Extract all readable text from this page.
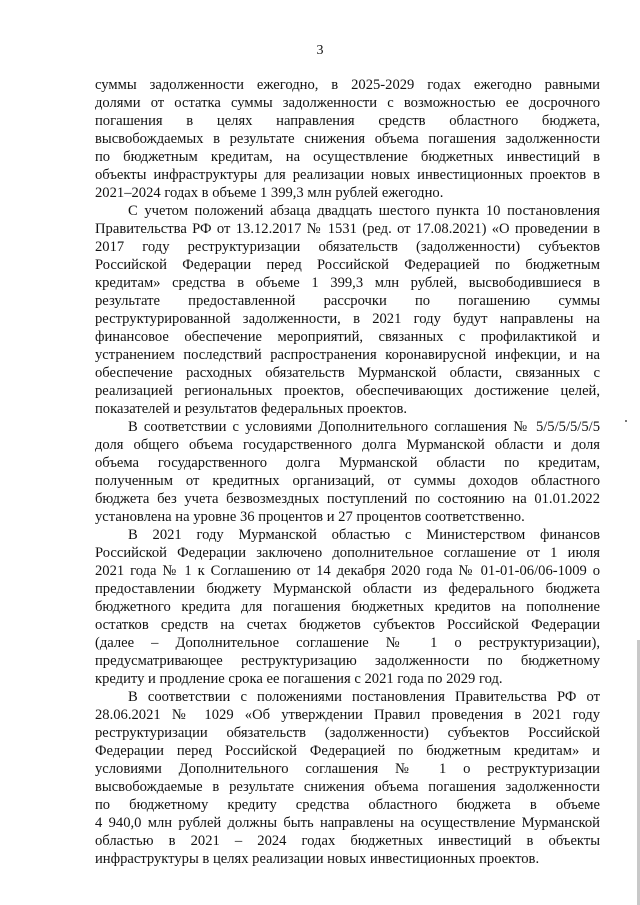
3
суммы задолженности ежегодно, в 2025-2029 годах ежегодно равными
долями от остатка суммы задолженности с возможностью ее досрочного
погашения в целях направления средств областного бюджета,
высвобождаемых в результате снижения объема погашения задолженности
по бюджетным кредитам, на осуществление бюджетных инвестиций в
объекты инфраструктуры для реализации новых инвестиционных проектов в
2021–2024 годах в объеме 1 399,3 млн рублей ежегодно.
С учетом положений абзаца двадцать шестого пункта 10 постановления
Правительства РФ от 13.12.2017 № 1531 (ред. от 17.08.2021) «О проведении в
2017 году реструктуризации обязательств (задолженности) субъектов
Российской Федерации перед Российской Федерацией по бюджетным
кредитам» средства в объеме 1 399,3 млн рублей, высвободившиеся в
результате предоставленной рассрочки по погашению суммы
реструктурированной задолженности, в 2021 году будут направлены на
финансовое обеспечение мероприятий, связанных с профилактикой и
устранением последствий распространения коронавирусной инфекции, и на
обеспечение расходных обязательств Мурманской области, связанных с
реализацией региональных проектов, обеспечивающих достижение целей,
показателей и результатов федеральных проектов.
В соответствии с условиями Дополнительного соглашения № 5/5/5/5/5/5
доля общего объема государственного долга Мурманской области и доля
объема государственного долга Мурманской области по кредитам,
полученным от кредитных организаций, от суммы доходов областного
бюджета без учета безвозмездных поступлений по состоянию на 01.01.2022
установлена на уровне 36 процентов и 27 процентов соответственно.
В 2021 году Мурманской областью с Министерством финансов
Российской Федерации заключено дополнительное соглашение от 1 июля
2021 года № 1 к Соглашению от 14 декабря 2020 года № 01-01-06/06-1009 о
предоставлении бюджету Мурманской области из федерального бюджета
бюджетного кредита для погашения бюджетных кредитов на пополнение
остатков средств на счетах бюджетов субъектов Российской Федерации
(далее – Дополнительное соглашение № 1 о реструктуризации),
предусматривающее реструктуризацию задолженности по бюджетному
кредиту и продление срока ее погашения с 2021 года по 2029 год.
В соответствии с положениями постановления Правительства РФ от
28.06.2021 № 1029 «Об утверждении Правил проведения в 2021 году
реструктуризации обязательств (задолженности) субъектов Российской
Федерации перед Российской Федерацией по бюджетным кредитам» и
условиями Дополнительного соглашения № 1 о реструктуризации
высвобождаемые в результате снижения объема погашения задолженности
по бюджетному кредиту средства областного бюджета в объеме
4 940,0 млн рублей должны быть направлены на осуществление Мурманской
областью в 2021 – 2024 годах бюджетных инвестиций в объекты
инфраструктуры в целях реализации новых инвестиционных проектов.
